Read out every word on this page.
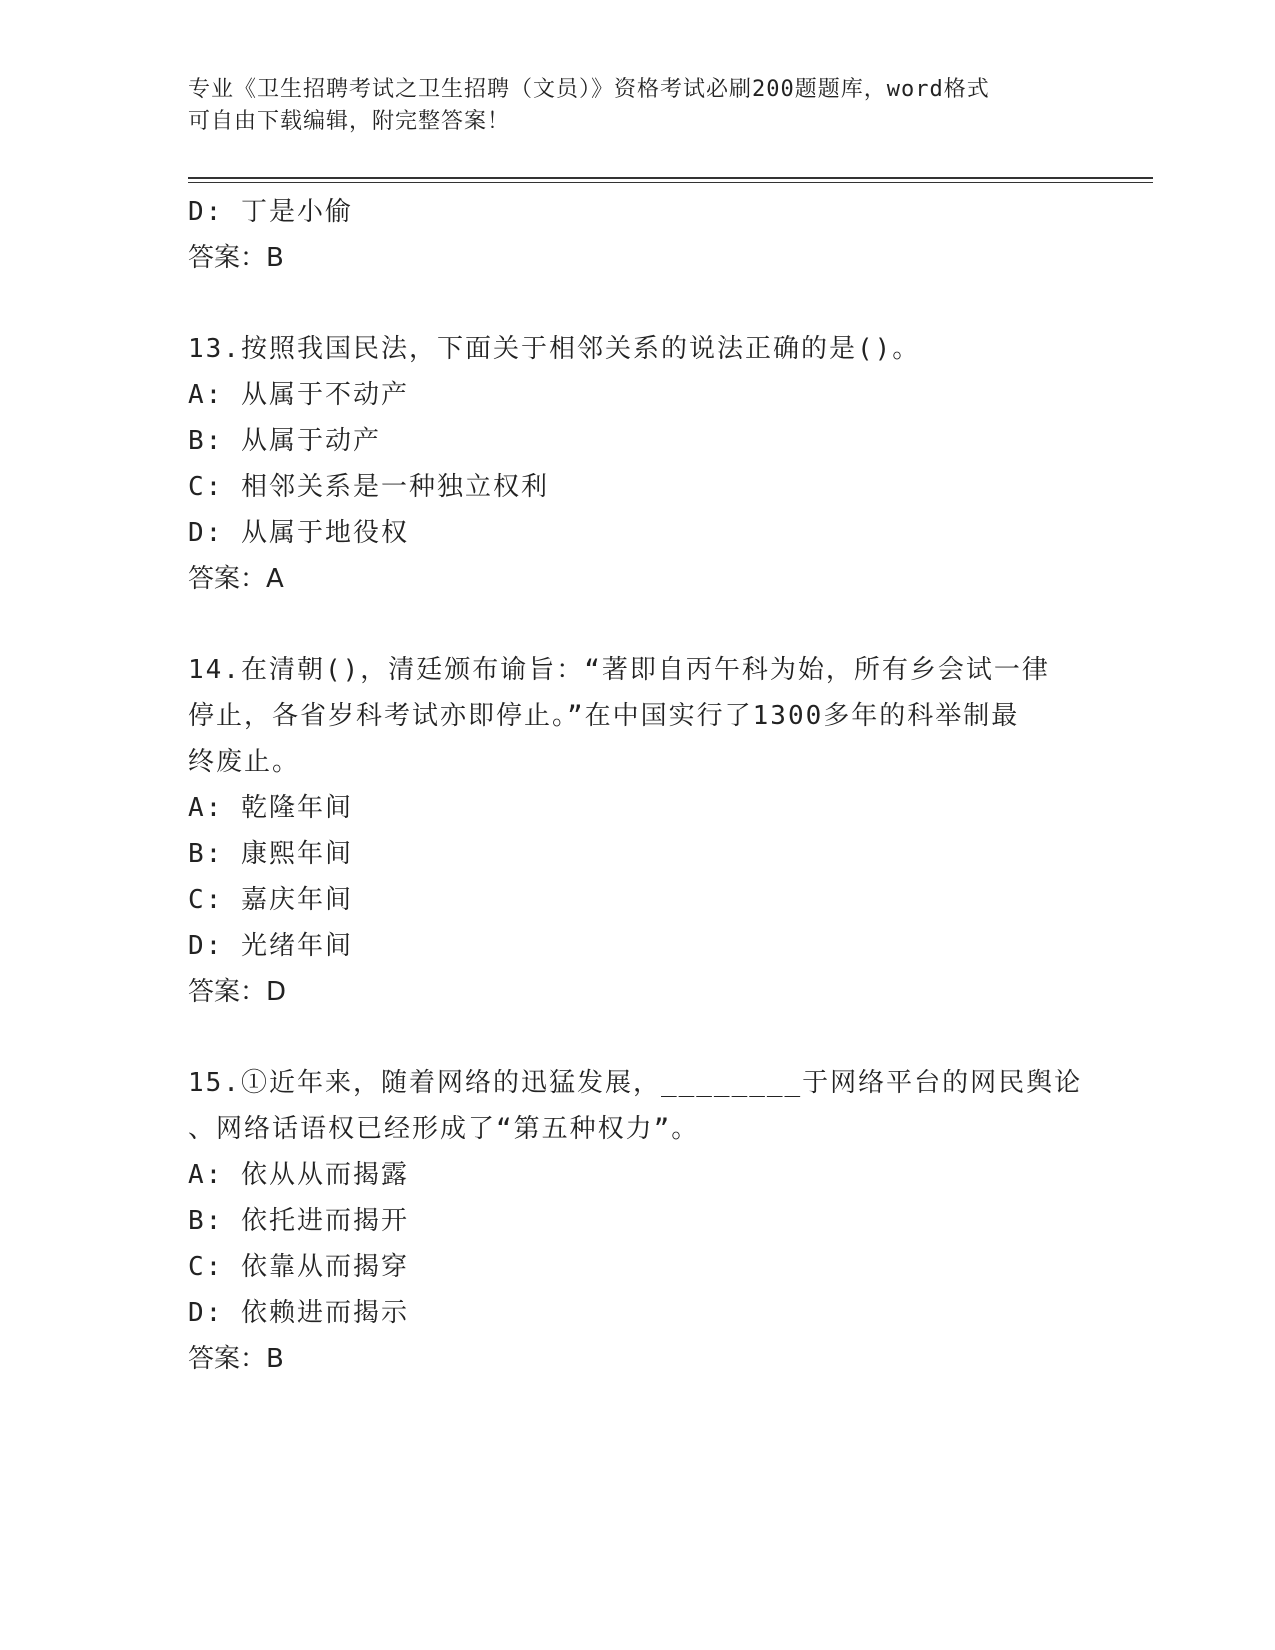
专业《卫生招聘考试之卫生招聘（文员）》资格考试必刷200题题库，word格式
可自由下载编辑，附完整答案！
D: 丁是小偷
答案：B
13.按照我国民法，下面关于相邻关系的说法正确的是()。
A: 从属于不动产
B: 从属于动产
C: 相邻关系是一种独立权利
D: 从属于地役权
答案：A
14.在清朝()，清廷颁布谕旨：“著即自丙午科为始，所有乡会试一律
停止，各省岁科考试亦即停止。”在中国实行了1300多年的科举制最
终废止。
A: 乾隆年间
B: 康熙年间
C: 嘉庆年间
D: 光绪年间
答案：D
15.①近年来，随着网络的迅猛发展，________于网络平台的网民舆论
、网络话语权已经形成了“第五种权力”。
A: 依从从而揭露
B: 依托进而揭开
C: 依靠从而揭穿
D: 依赖进而揭示
答案：B
